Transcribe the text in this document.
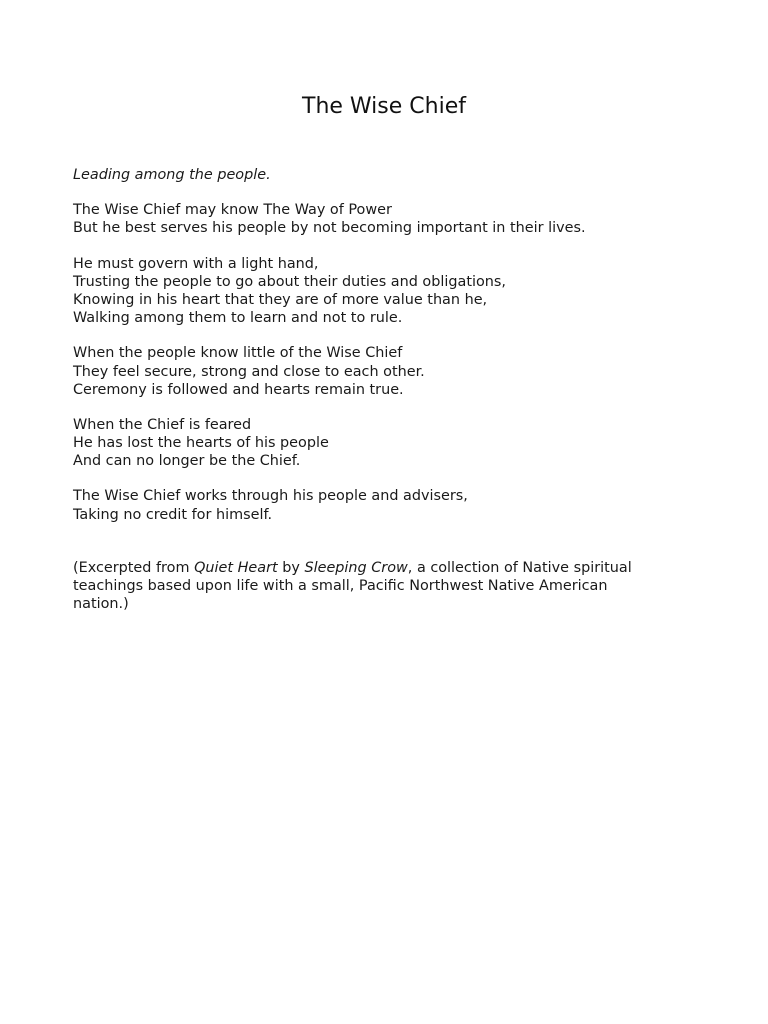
The Wise Chief
Leading among the people.
The Wise Chief may know The Way of Power
But he best serves his people by not becoming important in their lives.
He must govern with a light hand,
Trusting the people to go about their duties and obligations,
Knowing in his heart that they are of more value than he,
Walking among them to learn and not to rule.
When the people know little of the Wise Chief
They feel secure, strong and close to each other.
Ceremony is followed and hearts remain true.
When the Chief is feared
He has lost the hearts of his people
And can no longer be the Chief.
The Wise Chief works through his people and advisers,
Taking no credit for himself.
(Excerpted from Quiet Heart by Sleeping Crow, a collection of Native spiritual
teachings based upon life with a small, Pacific Northwest Native American
nation.)
